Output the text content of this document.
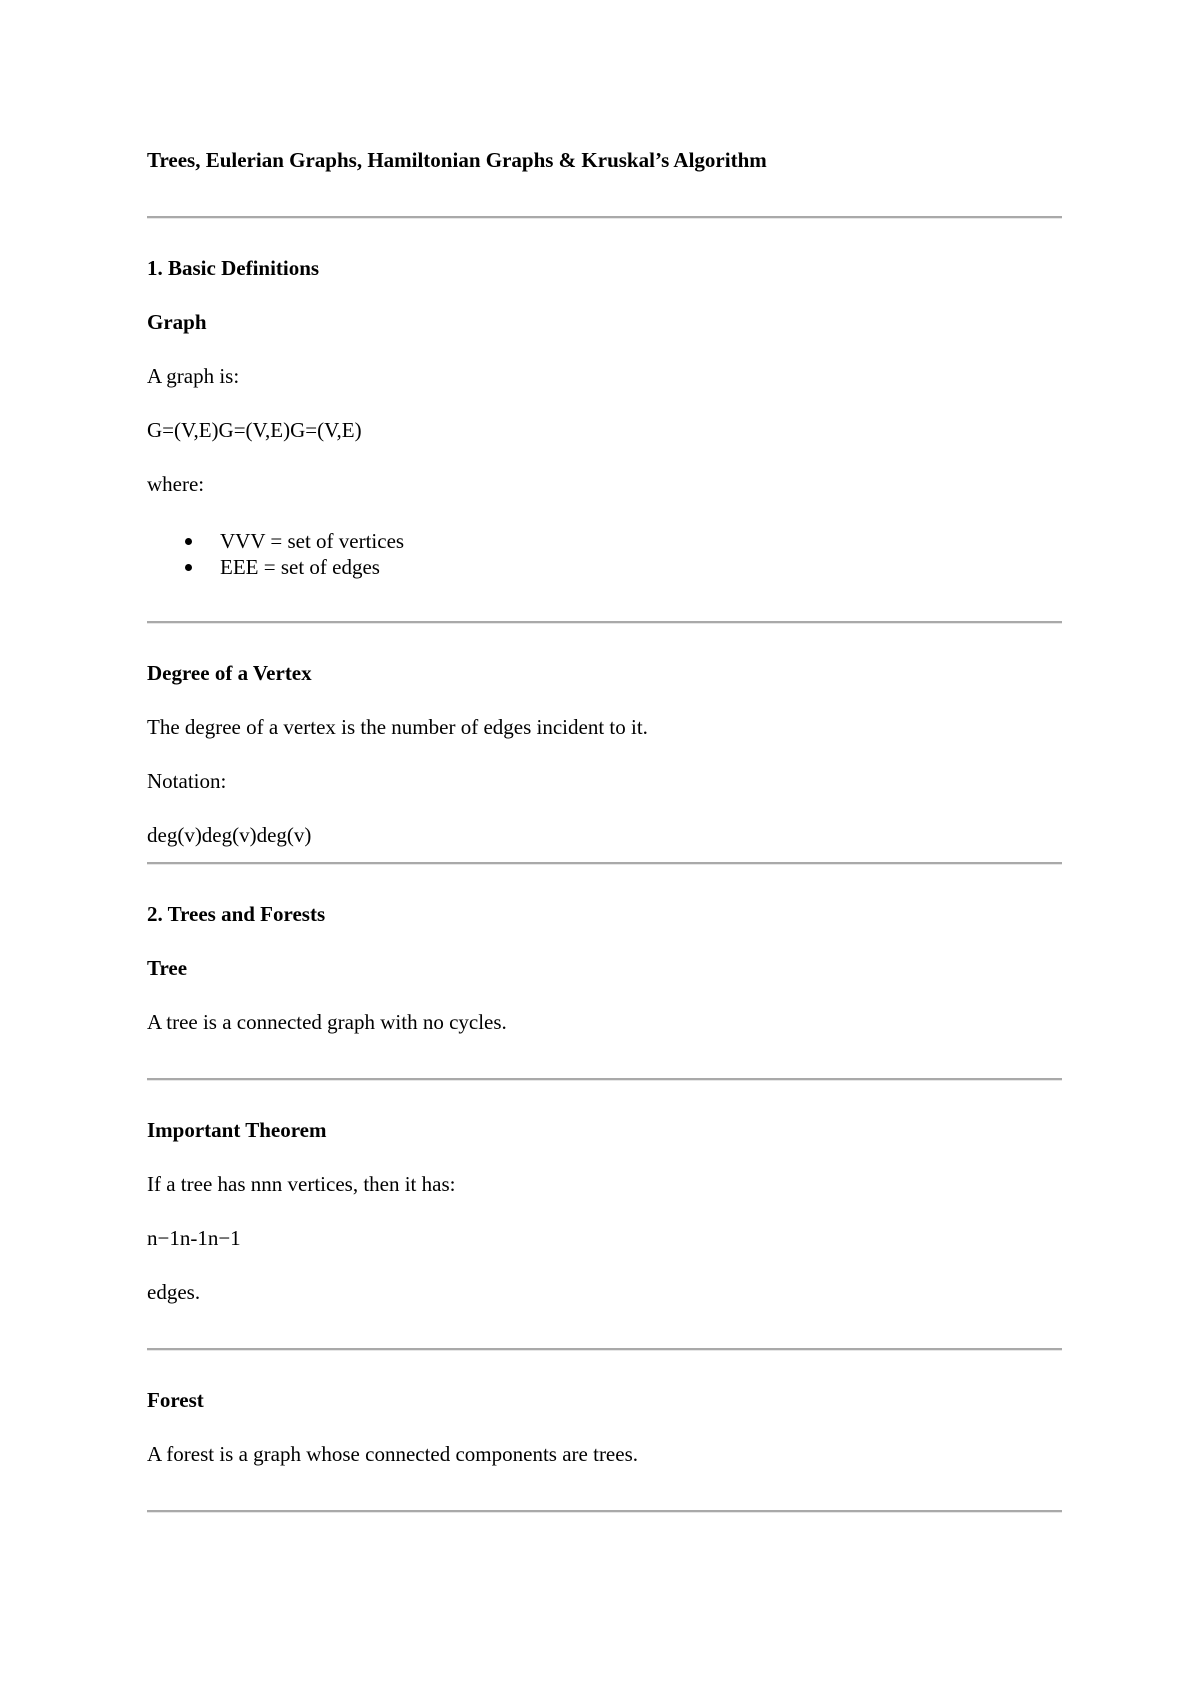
Trees, Eulerian Graphs, Hamiltonian Graphs & Kruskal’s Algorithm

1. Basic Definitions

Graph

A graph is:

G=(V,E)G=(V,E)G=(V,E)

where:

VVV = set of vertices
EEE = set of edges

Degree of a Vertex

The degree of a vertex is the number of edges incident to it.

Notation:

deg(v)deg(v)deg(v)

2. Trees and Forests

Tree

A tree is a connected graph with no cycles.

Important Theorem

If a tree has nnn vertices, then it has:

n−1n-1n−1

edges.

Forest

A forest is a graph whose connected components are trees.
